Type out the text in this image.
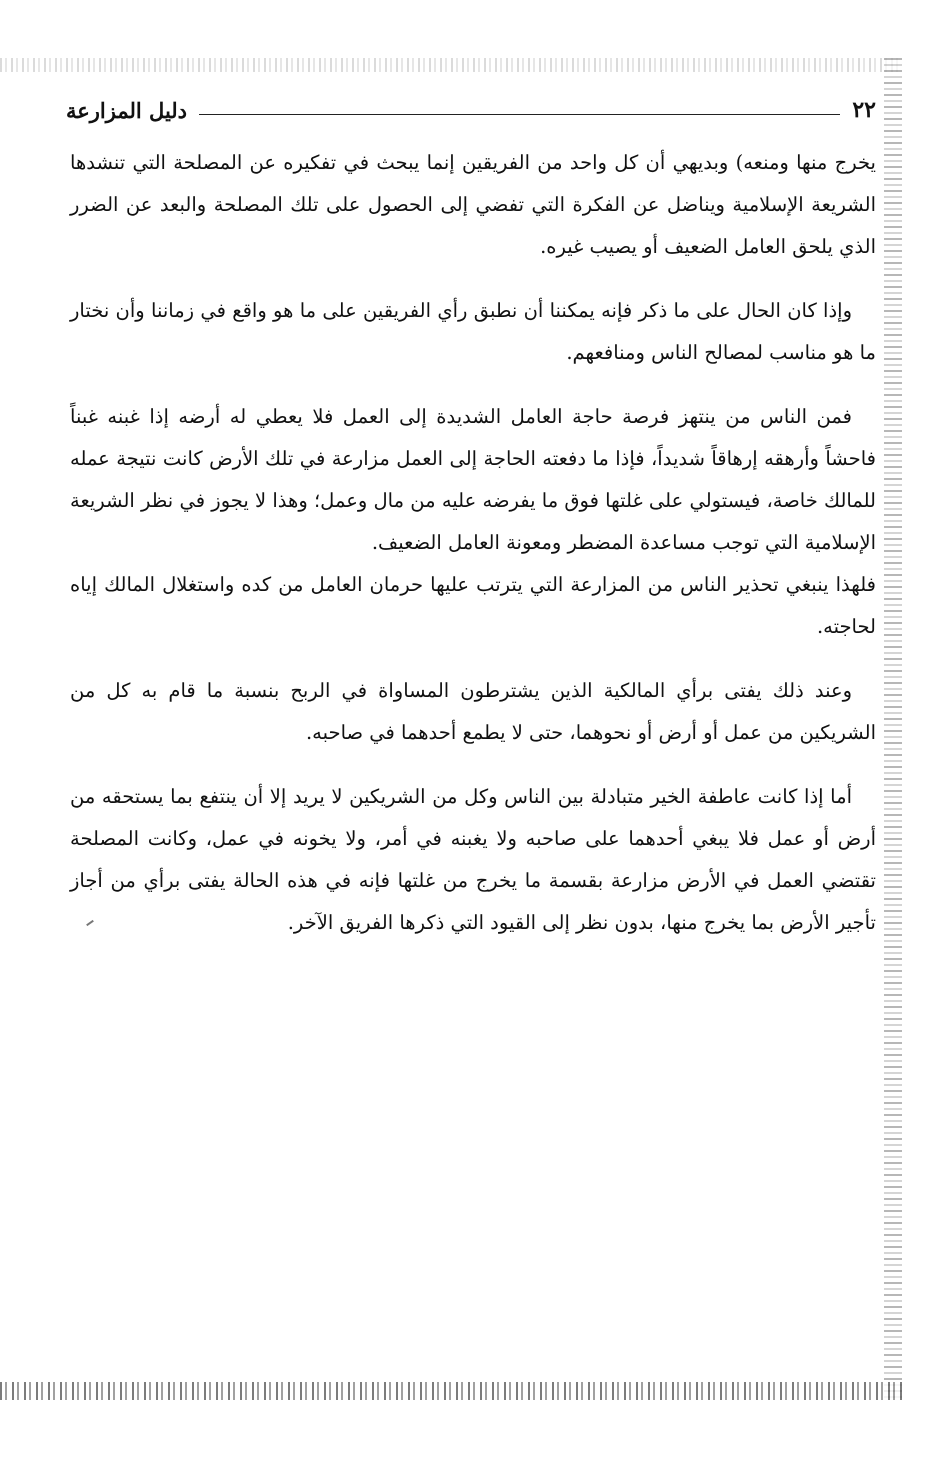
٢٢
دليل المزارعة

يخرج منها ومنعه) وبديهي أن كل واحد من الفريقين إنما يبحث في تفكيره عن المصلحة التي تنشدها الشريعة الإسلامية ويناضل عن الفكرة التي تفضي إلى الحصول على تلك المصلحة والبعد عن الضرر الذي يلحق العامل الضعيف أو يصيب غيره.

وإذا كان الحال على ما ذكر فإنه يمكننا أن نطبق رأي الفريقين على ما هو واقع في زماننا وأن نختار ما هو مناسب لمصالح الناس ومنافعهم.

فمن الناس من ينتهز فرصة حاجة العامل الشديدة إلى العمل فلا يعطي له أرضه إذا غبنه غبناً فاحشاً وأرهقه إرهاقاً شديداً، فإذا ما دفعته الحاجة إلى العمل مزارعة في تلك الأرض كانت نتيجة عمله للمالك خاصة، فيستولي على غلتها فوق ما يفرضه عليه من مال وعمل؛ وهذا لا يجوز في نظر الشريعة الإسلامية التي توجب مساعدة المضطر ومعونة العامل الضعيف.

فلهذا ينبغي تحذير الناس من المزارعة التي يترتب عليها حرمان العامل من كده واستغلال المالك إياه لحاجته.

وعند ذلك يفتى برأي المالكية الذين يشترطون المساواة في الربح بنسبة ما قام به كل من الشريكين من عمل أو أرض أو نحوهما، حتى لا يطمع أحدهما في صاحبه.

أما إذا كانت عاطفة الخير متبادلة بين الناس وكل من الشريكين لا يريد إلا أن ينتفع بما يستحقه من أرض أو عمل فلا يبغي أحدهما على صاحبه ولا يغبنه في أمر، ولا يخونه في عمل، وكانت المصلحة تقتضي العمل في الأرض مزارعة بقسمة ما يخرج من غلتها فإنه في هذه الحالة يفتى برأي من أجاز تأجير الأرض بما يخرج منها، بدون نظر إلى القيود التي ذكرها الفريق الآخر.
